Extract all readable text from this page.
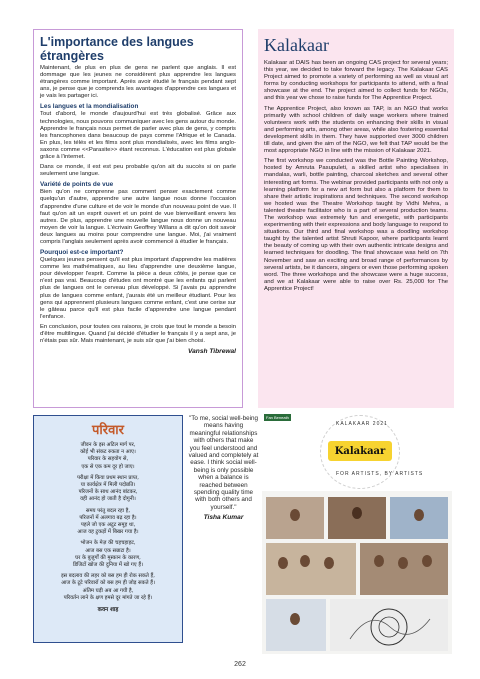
L'importance des langues étrangères

Maintenant, de plus en plus de gens ne parlent que anglais. Il est dommage que les jeunes ne considèrent plus apprendre les langues étrangères comme important. Après avoir étudié le français pendant sept ans, je pense que je comprends les avantages d'apprendre ces langues et je vais les partager ici.

Les langues et la mondialisation

Tout d'abord, le monde d'aujourd'hui est très globalisé. Grâce aux technologies, nous pouvons communiquer avec les gens autour du monde. Apprendre le français nous permet de parler avec plus de gens, y compris les francophones dans beaucoup de pays comme l'Afrique et le Canada. En plus, les télés et les films sont plus mondialisés, avec les films anglo-saxons comme <<Parasite>> étant reconnus. L'éducation est plus globale grâce à l'internet.

Dans ce monde, il est est peu probable qu'on ait du succès si on parle seulement une langue.

Variété de points de vue

Bien qu'on ne comprenne pas comment penser exactement comme quelqu'un d'autre, apprendre une autre langue nous donne l'occasion d'apprendre d'une culture et de voir le monde d'un nouveau point de vue. Il faut qu'on ait un esprit ouvert et un point de vue bienveillant envers les autres. De plus, apprendre une nouvelle langue nous donne un nouveau moyen de voir la langue. L'écrivain Geoffrey Willans a dit qu'on doit savoir deux langues au moins pour comprendre une langue. Moi, j'ai vraiment compris l'anglais seulement après avoir commencé à étudier le français.

Pourquoi est-ce important?

Quelques jeunes pensent qu'il est plus important d'apprendre les matières comme les mathématiques, au lieu d'apprendre une deuxième langue, pour développer l'esprit. Comme la pièce a deux côtés, je pense que ce n'est pas vrai. Beaucoup d'études ont montré que les enfants qui parlent plus de langues ont le cerveau plus développé. Si j'avais pu apprendre plus de langues comme enfant, j'aurais été un meilleur étudiant. Pour les gens qui apprennent plusieurs langues comme enfant, c'est une cerise sur le gâteau parce qu'il est plus facile d'apprendre une langue pendant l'enfance.

En conclusion, pour toutes ces raisons, je crois que tout le monde a besoin d'être multilingue. Quand j'ai décidé d'étudier le français il y a sept ans, je n'étais pas sûr. Mais maintenant, je suis sûr que j'ai bien choisi.

Vansh Tibrewal
Kalakaar

Kalakaar at DAIS has been an ongoing CAS project for several years; this year, we decided to take forward the legacy. The Kalakaar CAS Project aimed to promote a variety of performing as well as visual art forms by conducting workshops for participants to attend, with a final showcase at the end. The project aimed to collect funds for NGOs, and this year we chose to raise funds for The Apprentice Project.

The Apprentice Project, also known as TAP, is an NGO that works primarily with school children of daily wage workers where trained volunteers work with the students on enhancing their skills in visual and performing arts, among other areas, while also fostering essential development skills in them. They have supported over 3000 children till date, and given the aim of the NGO, we felt that TAP would be the most appropriate NGO in line with the mission of Kalakaar 2021.

The first workshop we conducted was the Bottle Painting Workshop, hosted by Amruta Pasupuleti, a skilled artist who specialises in mandalas, warli, bottle painting, charcoal sketches and several other interesting art forms. The webinar provided participants with not only a learning platform for a new art form but also a platform for them to share their artistic inspirations and techniques. The second workshop we hosted was the Theatre Workshop taught by Vidhi Mehra, a talented theatre facilitator who is a part of several production teams. The workshop was extremely fun and energetic, with participants experimenting with their expressions and body language to respond to situations. Our third and final workshop was a doodling workshop taught by the talented artist Shruti Kapoor, where participants learnt the beauty of coming up with their own authentic intricate designs and learned techniques for doodling. The final showcase was held on 7th November and saw an exciting and broad range of performances by several artists, be it dancers, singers or even those performing spoken word. The three workshops and the showcase were a huge success, and we at Kalakaar were able to raise over Rs. 25,000 for The Apprentice Project!

परिवार
जीवन के इस अटिल मार्ग पर,
कोई भी संकट रुकता न आए।
परिवार के सहयोग से,
एक से एक कम दूर हो जाए।
परीक्षा में किया प्रथम स्थान प्राप्त,
या कार्यक्षेत्र में मिली पदोन्नति।
परिजनों के साथ आनंद बांटकर,
वही आनंद हो जाती है दोगुनी।
समय परंतु बदल रहा है,
परिजनों में अलगाव बढ़ रहा है।
पहले जो एक अटूट समूह था,
आज वह टुकड़ों में बिखर गया है।
भोजन के मेज़ की चहचहाहट,
आज बस एक सन्नाटा है।
घर के बुजुर्गों की मुस्कान के कारण,
डिजिटों खोज की दुनिया में खो गए हैं।
इस बदलाव की लहर को बस हम ही रोक सकते हैं,
आज के टूटे परिवारों को बस हम ही जोड़ सकते हैं।
अंतिम घड़ी अब आ गयी है,
परिवर्तन लाने के क्षण हमसे दूर मांगते जा रहे हैं।
कवन शाह
"To me, social well-being means having meaningful relationships with others that make you feel understood and valued and completely at ease. I think social well-being is only possible when a balance is reached between spending quality time with both others and yourself."
Tisha Kumar
Fan Beneath
KALAKAAR 2021
Kalakaar
FOR ARTISTS, BY ARTISTS
262
